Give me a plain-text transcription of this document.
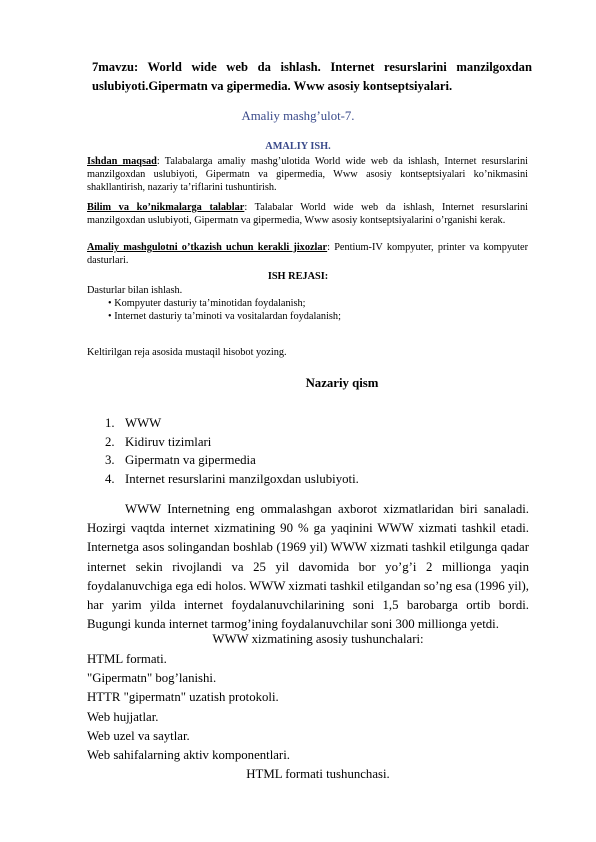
7mavzu: World wide web da ishlash. Internet resurslarini manzilgoxdan
uslubiyoti.Gipermatn va gipermedia. Www asosiy kontseptsiyalari.
Amaliy mashg’ulot-7.
AMALIY ISH.
Ishdan maqsad: Talabalarga amaliy mashg’ulotida World wide web da ishlash, Internet resurslarini manzilgoxdan uslubiyoti, Gipermatn va gipermedia, Www asosiy kontseptsiyalari ko’nikmasini shakllantirish, nazariy ta’riflarini tushuntirish.
Bilim va ko’nikmalarga talablar: Talabalar World wide web da ishlash, Internet resurslarini manzilgoxdan uslubiyoti, Gipermatn va gipermedia, Www asosiy kontseptsiyalarini o’rganishi kerak.
Amaliy mashgulotni o’tkazish uchun kerakli jixozlar: Pentium-IV kompyuter, printer va kompyuter dasturlari.
ISH REJASI:
Dasturlar bilan ishlash.
• Kompyuter dasturiy ta’minotidan foydalanish;
• Internet dasturiy ta’minoti va vositalardan foydalanish;
Keltirilgan reja asosida mustaqil hisobot yozing.
Nazariy qism
1. WWW
2. Kidiruv tizimlari
3. Gipermatn va gipermedia
4. Internet resurslarini manzilgoxdan uslubiyoti.
WWW Internetning eng ommalashgan axborot xizmatlaridan biri sanaladi. Hozirgi vaqtda internet xizmatining 90 % ga yaqinini WWW xizmati tashkil etadi. Internetga asos solingandan boshlab (1969 yil) WWW xizmati tashkil etilgunga qadar internet sekin rivojlandi va 25 yil davomida bor yo’g’i 2 millionga yaqin foydalanuvchiga ega edi holos. WWW xizmati tashkil etilgandan so’ng esa (1996 yil), har yarim yilda internet foydalanuvchilarining soni 1,5 barobarga ortib bordi. Bugungi kunda internet tarmog’ining foydalanuvchilar soni 300 millionga yetdi.
WWW xizmatining asosiy tushunchalari:
HTML formati.
"Gipermatn" bog’lanishi.
HTTR "gipermatn" uzatish protokoli.
Web hujjatlar.
Web uzel va saytlar.
Web sahifalarning aktiv komponentlari.
HTML formati tushunchasi.
